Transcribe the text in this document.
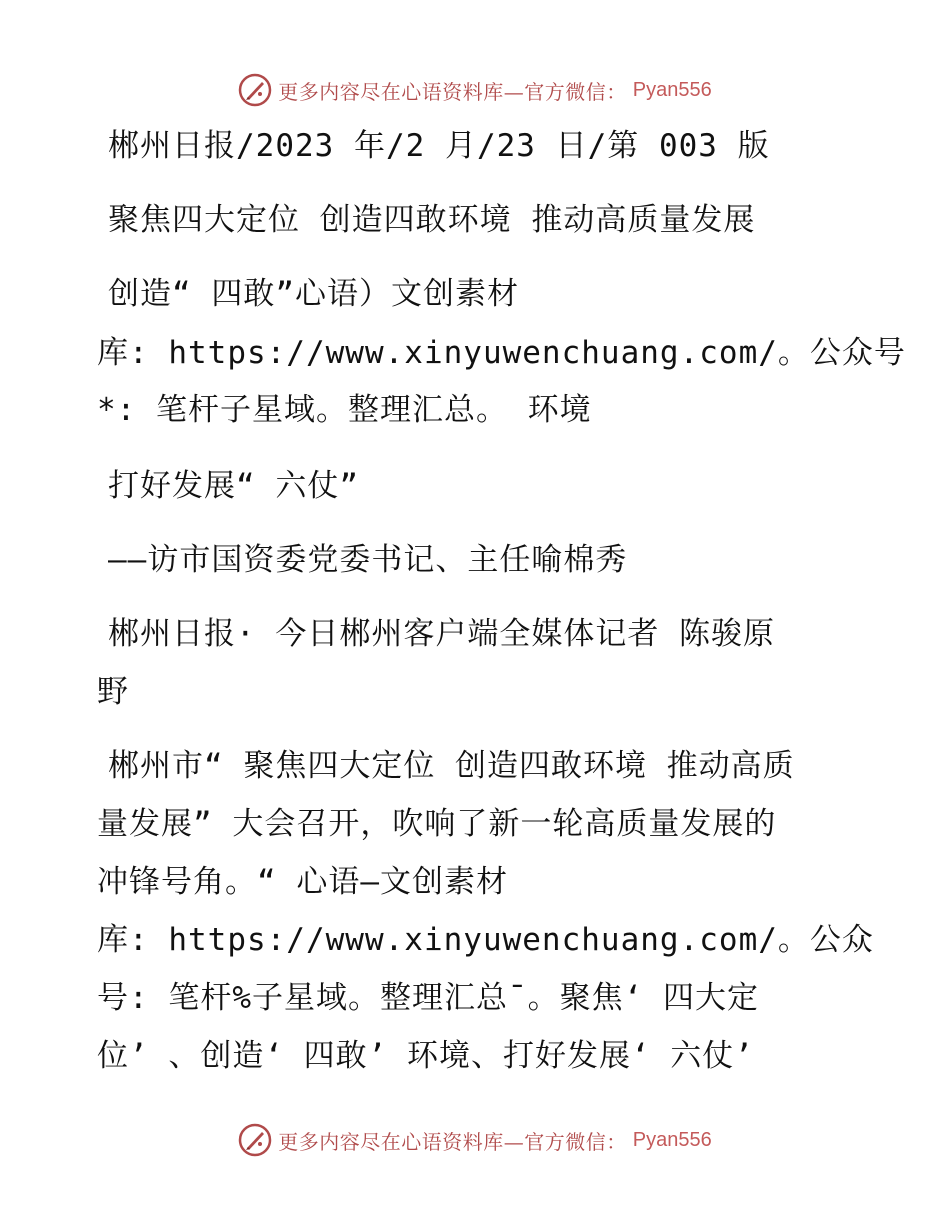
更多内容尽在心语资料库—官方微信： Pyan556
郴州日报/2023 年/2 月/23 日/第 003 版
聚焦四大定位 创造四敢环境 推动高质量发展
创造“ 四敢”心语）文创素材
库: https://www.xinyuwenchuang.com/。公众号
*: 笔杆子星域。整理汇总。 环境
打好发展“ 六仗”
——访市国资委党委书记、主任喻棉秀
郴州日报· 今日郴州客户端全媒体记者 陈骏原
野
郴州市“ 聚焦四大定位 创造四敢环境 推动高质
量发展” 大会召开，吹响了新一轮高质量发展的
冲锋号角。“ 心语—文创素材
库: https://www.xinyuwenchuang.com/。公众
号: 笔杆%子星域。整理汇总¯。聚焦‘ 四大定
位’ 、创造‘ 四敢’ 环境、打好发展‘ 六仗’
更多内容尽在心语资料库—官方微信： Pyan556
